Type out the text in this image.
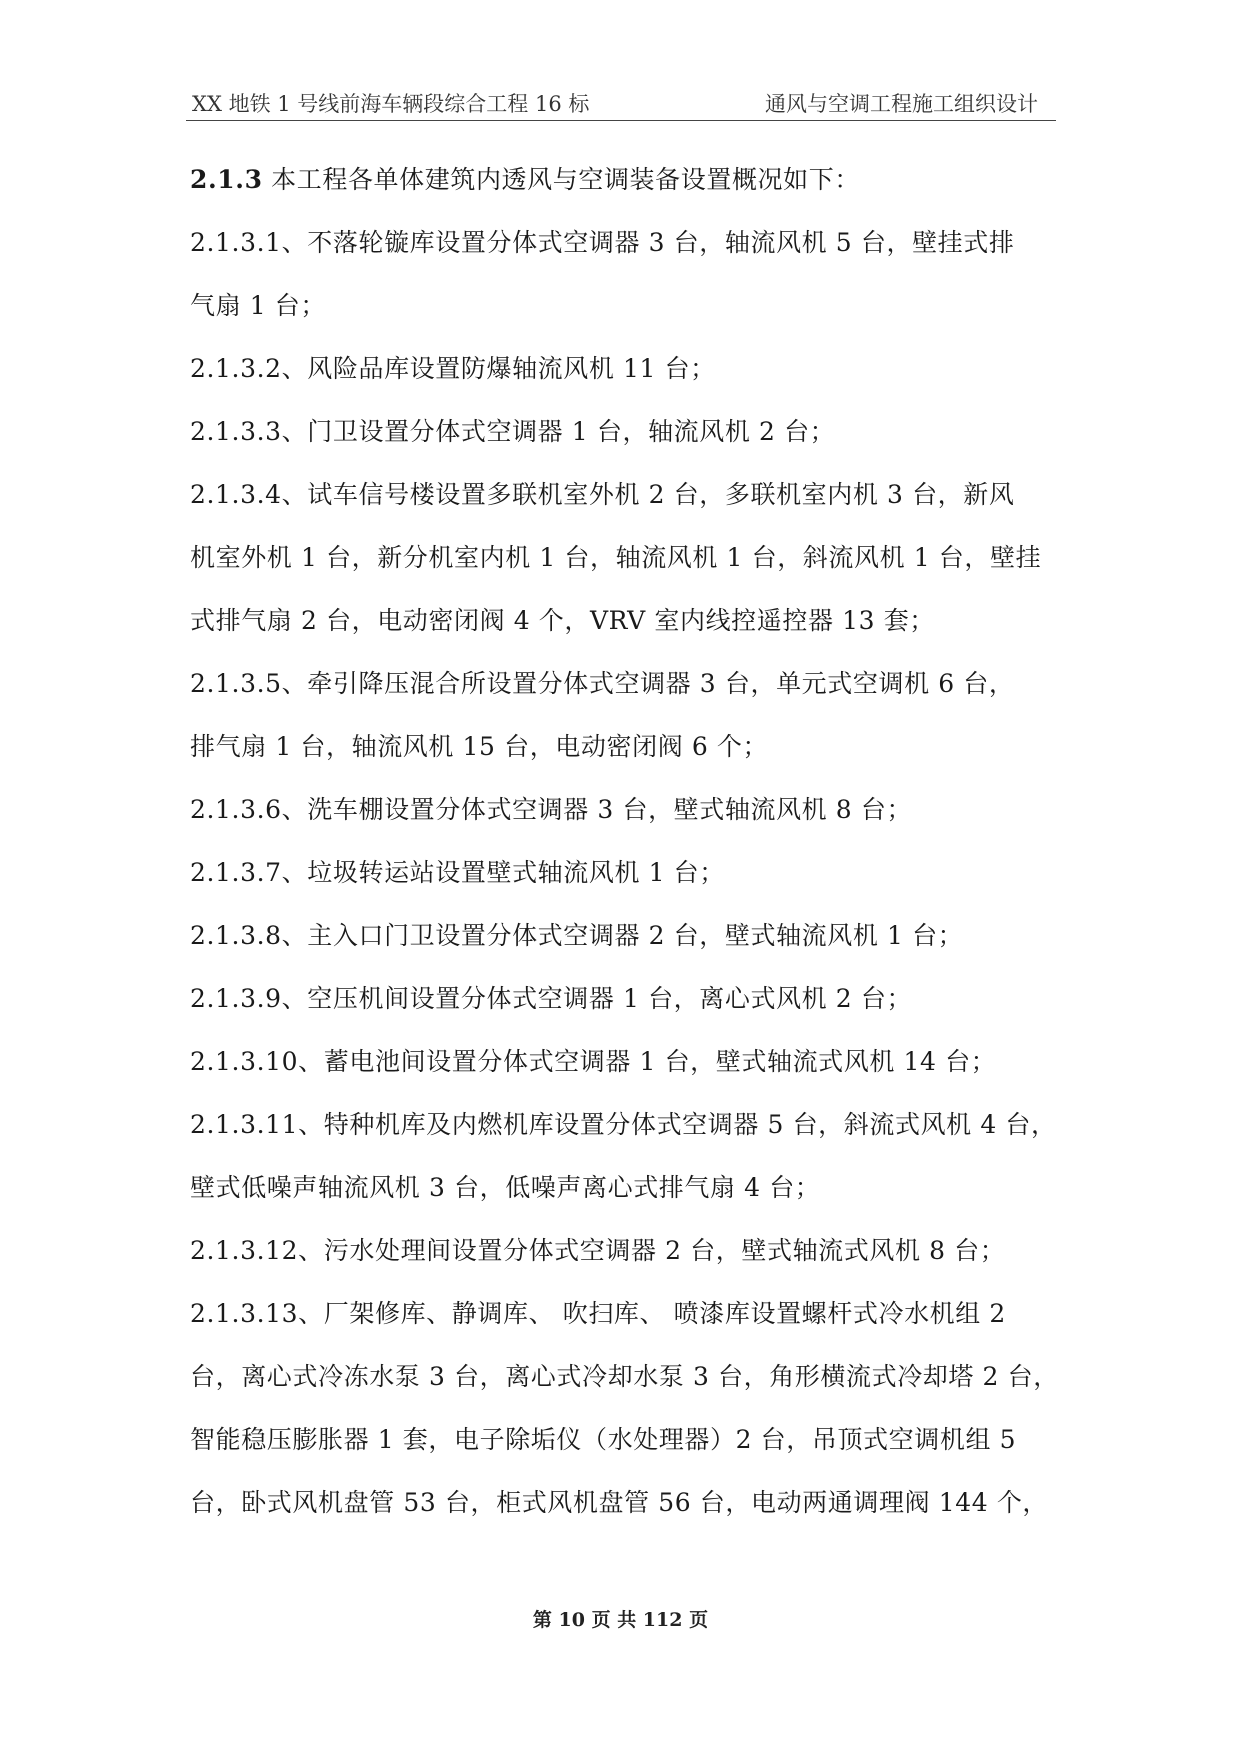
XX 地铁 1 号线前海车辆段综合工程 16 标	通风与空调工程施工组织设计
2.1.3 本工程各单体建筑内透风与空调装备设置概况如下：
2.1.3.1、不落轮镟库设置分体式空调器 3 台，轴流风机 5 台，壁挂式排
气扇 1 台；
2.1.3.2、风险品库设置防爆轴流风机 11 台；
2.1.3.3、门卫设置分体式空调器 1 台，轴流风机 2 台；
2.1.3.4、试车信号楼设置多联机室外机 2 台，多联机室内机 3 台，新风
机室外机 1 台，新分机室内机 1 台，轴流风机 1 台，斜流风机 1 台，壁挂
式排气扇 2 台，电动密闭阀 4 个，VRV 室内线控遥控器 13 套；
2.1.3.5、牵引降压混合所设置分体式空调器 3 台，单元式空调机 6 台，
排气扇 1 台，轴流风机 15 台，电动密闭阀 6 个；
2.1.3.6、洗车棚设置分体式空调器 3 台，壁式轴流风机 8 台；
2.1.3.7、垃圾转运站设置壁式轴流风机 1 台；
2.1.3.8、主入口门卫设置分体式空调器 2 台，壁式轴流风机 1 台；
2.1.3.9、空压机间设置分体式空调器 1 台，离心式风机 2 台；
2.1.3.10、蓄电池间设置分体式空调器 1 台，壁式轴流式风机 14 台；
2.1.3.11、特种机库及内燃机库设置分体式空调器 5 台，斜流式风机 4 台，
壁式低噪声轴流风机 3 台，低噪声离心式排气扇 4 台；
2.1.3.12、污水处理间设置分体式空调器 2 台，壁式轴流式风机 8 台；
2.1.3.13、厂架修库、静调库、 吹扫库、 喷漆库设置螺杆式冷水机组 2
台，离心式冷冻水泵 3 台，离心式冷却水泵 3 台，角形横流式冷却塔 2 台，
智能稳压膨胀器 1 套，电子除垢仪（水处理器）2 台，吊顶式空调机组 5
台，卧式风机盘管 53 台，柜式风机盘管 56 台，电动两通调理阀 144 个，
第 10 页 共 112 页
